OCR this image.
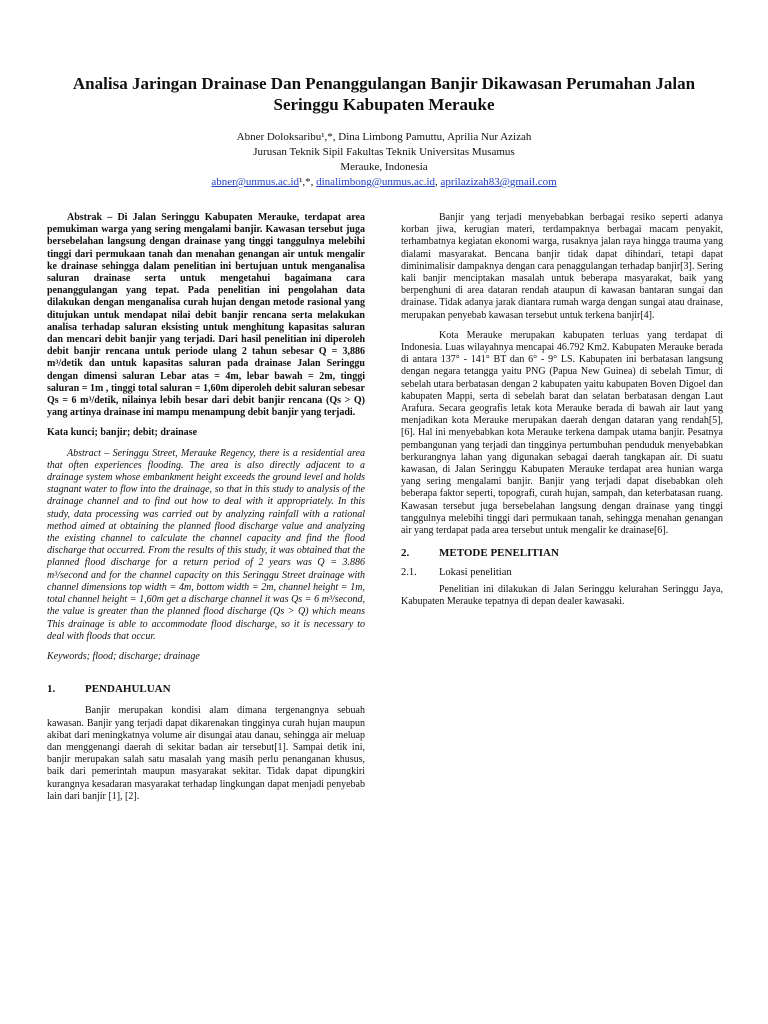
Analisa Jaringan Drainase Dan Penanggulangan Banjir Dikawasan Perumahan Jalan Seringgu Kabupaten Merauke
Abner Doloksaribu¹,*, Dina Limbong Pamuttu, Aprilia Nur Azizah
Jurusan Teknik Sipil Fakultas Teknik Universitas Musamus
Merauke, Indonesia
abner@unmus.ac.id¹,*, dinalimbong@unmus.ac.id, aprilazizah83@gmail.com

Abstrak – Di Jalan Seringgu Kabupaten Merauke, terdapat area pemukiman warga yang sering mengalami banjir. Kawasan tersebut juga bersebelahan langsung dengan drainase yang tinggi tanggulnya melebihi tinggi dari permukaan tanah dan menahan genangan air untuk mengalir ke drainase sehingga dalam penelitian ini bertujuan untuk menganalisa saluran drainase serta untuk mengetahui bagaimana cara penanggulangan yang tepat. Pada penelitian ini pengolahan data dilakukan dengan menganalisa curah hujan dengan metode rasional yang ditujukan untuk mendapat nilai debit banjir rencana serta melakukan analisa terhadap saluran eksisting untuk menghitung kapasitas saluran dan mencari debit banjir yang terjadi. Dari hasil penelitian ini diperoleh debit banjir rencana untuk periode ulang 2 tahun sebesar Q = 3,886 m³/detik dan untuk kapasitas saluran pada drainase Jalan Seringgu dengan dimensi saluran Lebar atas = 4m, lebar bawah = 2m, tinggi saluran = 1m , tinggi total saluran = 1,60m diperoleh debit saluran sebesar Qs = 6 m³/detik, nilainya lebih besar dari debit banjir rencana (Qs > Q) yang artinya drainase ini mampu menampung debit banjir yang terjadi.

Kata kunci; banjir; debit; drainase

Abstract – Seringgu Street, Merauke Regency, there is a residential area that often experiences flooding. The area is also directly adjacent to a drainage system whose embankment height exceeds the ground level and holds stagnant water to flow into the drainage, so that in this study to analysis of the drainage channel and to find out how to deal with it appropriately. In this study, data processing was carried out by analyzing rainfall with a rational method aimed at obtaining the planned flood discharge value and analyzing the existing channel to calculate the channel capacity and find the flood discharge that occurred. From the results of this study, it was obtained that the planned flood discharge for a return period of 2 years was Q = 3.886 m³/second and for the channel capacity on this Seringgu Street drainage with channel dimensions top width = 4m, bottom width = 2m, channel height = 1m, total channel height = 1,60m get a discharge channel it was Qs = 6 m³/second, the value is greater than the planned flood discharge (Qs > Q) which means This drainage is able to accommodate flood discharge, so it is necessary to deal with floods that occur.

Keywords; flood; discharge; drainage

1.	PENDAHULUAN

Banjir merupakan kondisi alam dimana tergenangnya sebuah kawasan. Banjir yang terjadi dapat dikarenakan tingginya curah hujan maupun akibat dari meningkatnya volume air disungai atau danau, sehingga air meluap dan menggenangi daerah di sekitar badan air tersebut[1]. Sampai detik ini, banjir merupakan salah satu masalah yang masih perlu penanganan khusus, baik dari pemerintah maupun masyarakat sekitar. Tidak dapat dipungkiri kurangnya kesadaran masyarakat terhadap lingkungan dapat menjadi penyebab lain dari banjir [1], [2].

Banjir yang terjadi menyebabkan berbagai resiko seperti adanya korban jiwa, kerugian materi, terdampaknya berbagai macam penyakit, terhambatnya kegiatan ekonomi warga, rusaknya jalan raya hingga trauma yang dialami masyarakat. Bencana banjir tidak dapat dihindari, tetapi dapat diminimalisir dampaknya dengan cara penaggulangan terhadap banjir[3]. Sering kali banjir menciptakan masalah untuk beberapa masyarakat, baik yang berpenghuni di area dataran rendah ataupun di kawasan bantaran sungai dan drainase. Tidak adanya jarak diantara rumah warga dengan sungai atau drainase, merupakan penyebab kawasan tersebut untuk terkena banjir[4].

Kota Merauke merupakan kabupaten terluas yang terdapat di Indonesia. Luas wilayahnya mencapai 46.792 Km2. Kabupaten Merauke berada di antara 137° - 141° BT dan 6° - 9° LS. Kabupaten ini berbatasan langsung dengan negara tetangga yaitu PNG (Papua New Guinea) di sebelah Timur, di sebelah utara berbatasan dengan 2 kabupaten yaitu kabupaten Boven Digoel dan kabupaten Mappi, serta di sebelah barat dan selatan berbatasan dengan Laut Arafura. Secara geografis letak kota Merauke berada di bawah air laut yang menjadikan kota Merauke merupakan daerah dengan dataran yang rendah[5], [6]. Hal ini menyebabkan kota Merauke terkena dampak utama banjir. Pesatnya pembangunan yang terjadi dan tingginya pertumbuhan penduduk menyebabkan berkurangnya lahan yang digunakan sebagai daerah tangkapan air. Di suatu kawasan, di Jalan Seringgu Kabupaten Merauke terdapat area hunian warga yang sering mengalami banjir. Banjir yang terjadi dapat disebabkan oleh beberapa faktor seperti, topografi, curah hujan, sampah, dan keterbatasan ruang. Kawasan tersebut juga bersebelahan langsung dengan drainase yang tinggi tanggulnya melebihi tinggi dari permukaan tanah, sehingga menahan genangan air yang terdapat pada area tersebut untuk mengalir ke drainase[6].

2.	METODE PENELITIAN

2.1.	Lokasi penelitian

Penelitian ini dilakukan di Jalan Seringgu kelurahan Seringgu Jaya, Kabupaten Merauke tepatnya di depan dealer kawasaki.
